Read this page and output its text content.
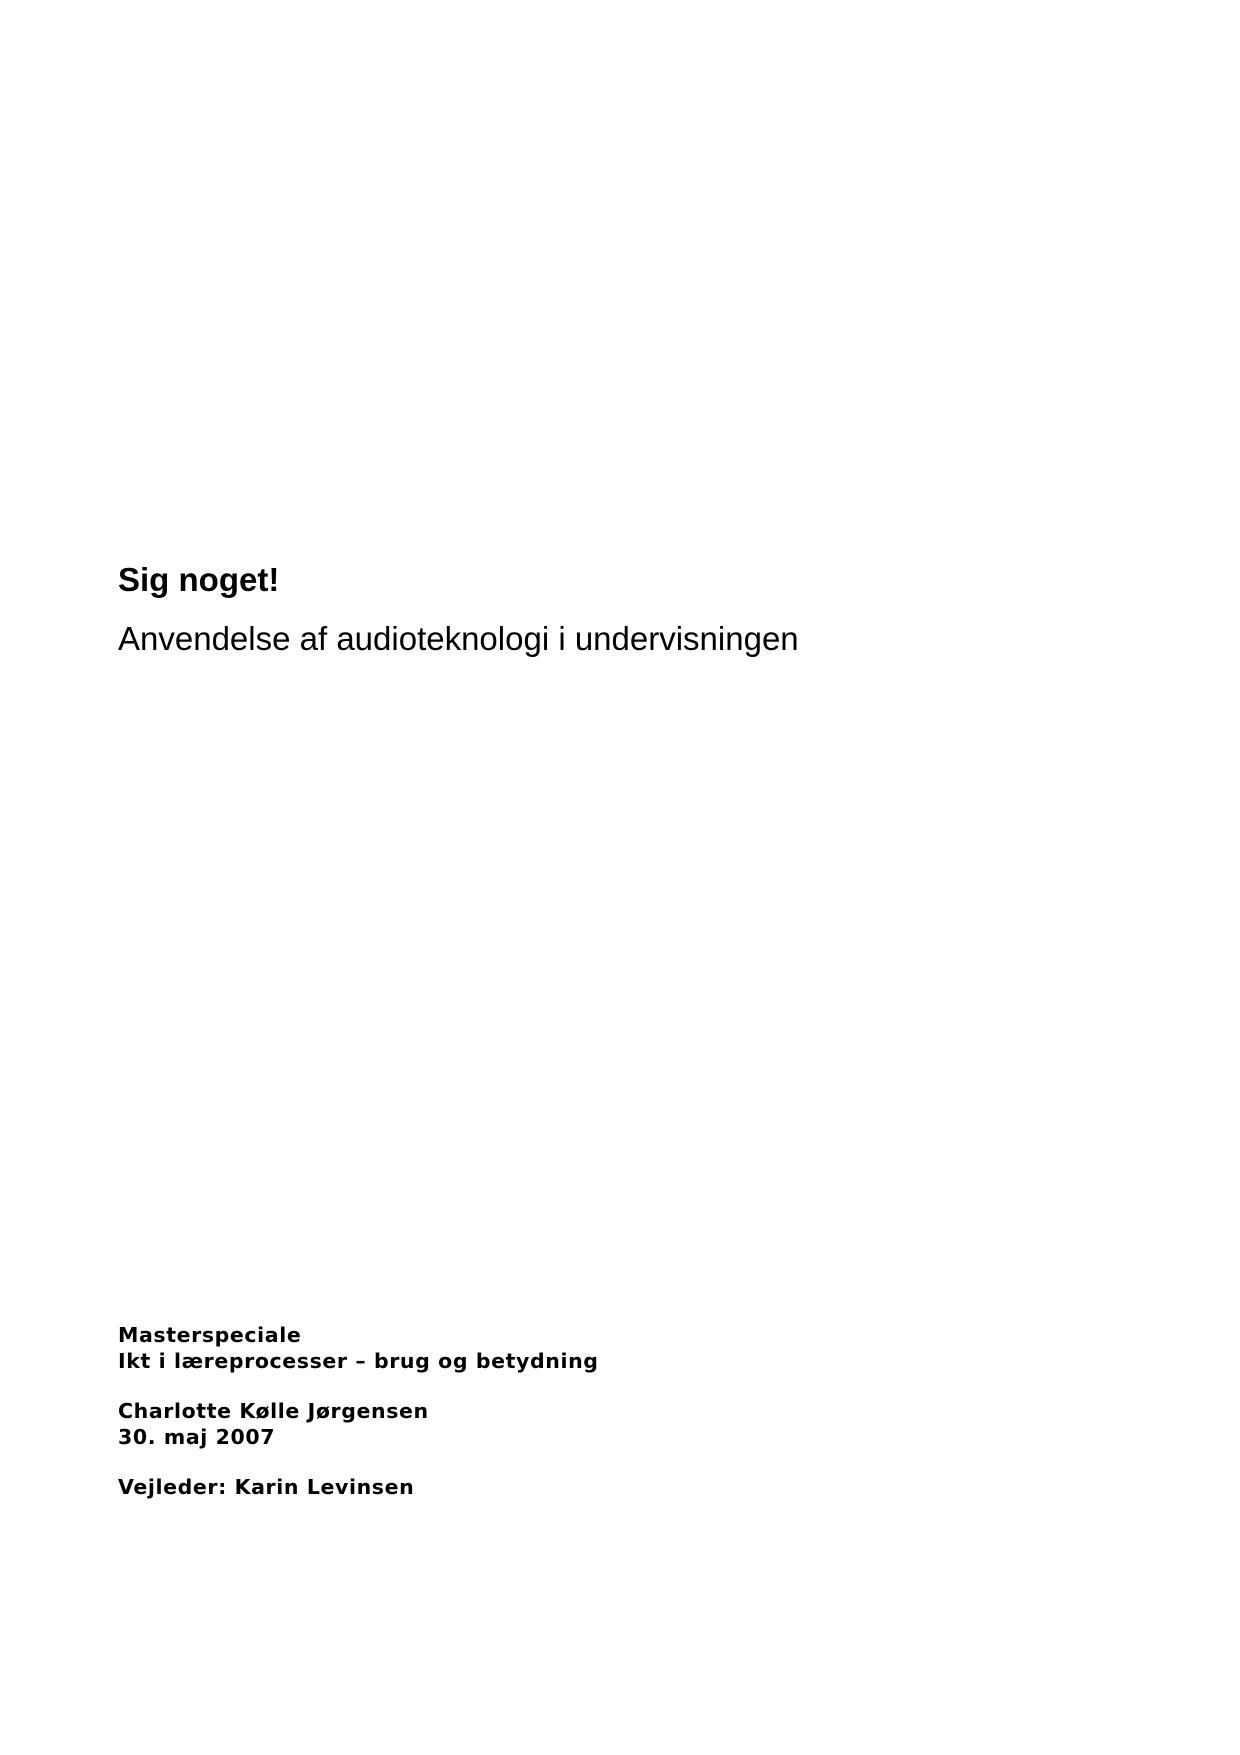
Sig noget!
Anvendelse af audioteknologi i undervisningen
Masterspeciale
Ikt i læreprocesser – brug og betydning
Charlotte Kølle Jørgensen
30. maj 2007
Vejleder: Karin Levinsen
